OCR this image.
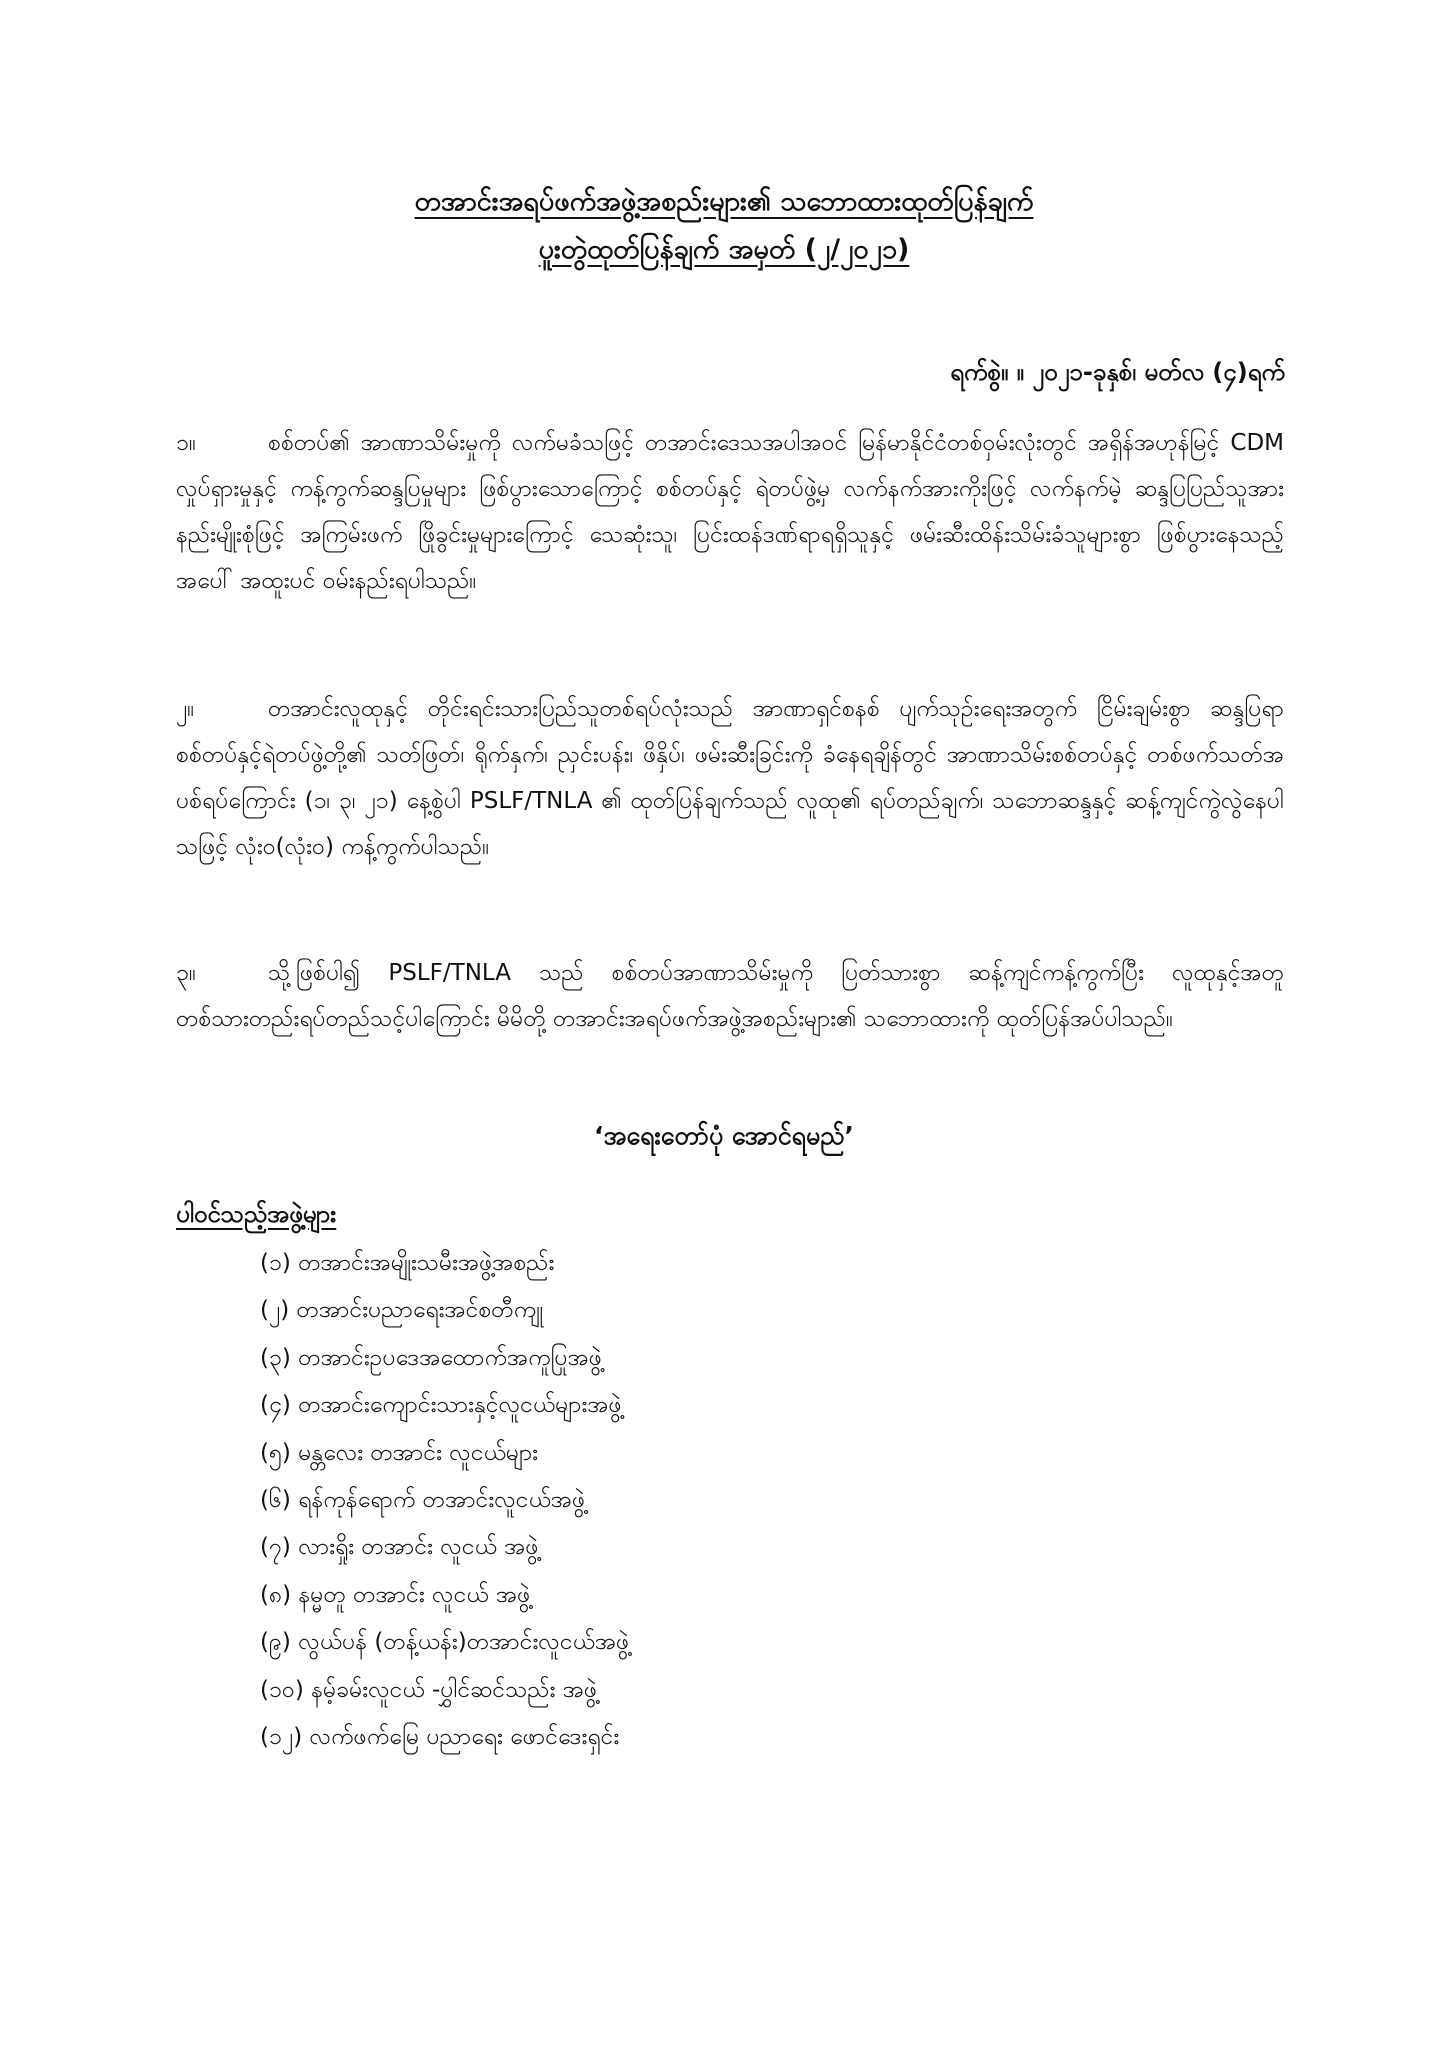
တအာင်းအရပ်ဖက်အဖွဲ့အစည်းများ၏ သဘောထားထုတ်ပြန်ချက်
ပူးတွဲထုတ်ပြန်ချက် အမှတ် (၂/၂၀၂၁)
ရက်စွဲ။ ။ ၂၀၂၁-ခုနှစ်၊ မတ်လ (၄)ရက်
၁။	စစ်တပ်၏ အာဏာသိမ်းမှုကို လက်မခံသဖြင့် တအာင်းဒေသအပါအဝင် မြန်မာနိုင်ငံတစ်ဝှမ်းလုံးတွင် အရှိန်အဟုန်မြင့် CDM လှုပ်ရှားမှုနှင့် ကန့်ကွက်ဆန္ဒပြမှုများ ဖြစ်ပွားသောကြောင့် စစ်တပ်နှင့် ရဲတပ်ဖွဲ့မှ လက်နက်အားကိုးဖြင့် လက်နက်မဲ့ ဆန္ဒပြပြည်သူအား နည်းမျိုးစုံဖြင့် အကြမ်းဖက် ဖြိုခွင်းမှုများကြောင့် သေဆုံးသူ၊ ပြင်းထန်ဒဏ်ရာရရှိသူနှင့် ဖမ်းဆီးထိန်းသိမ်းခံသူများစွာ ဖြစ်ပွားနေသည့်အပေါ် အထူးပင် ဝမ်းနည်းရပါသည်။
၂။	တအာင်းလူထုနှင့် တိုင်းရင်းသားပြည်သူတစ်ရပ်လုံးသည် အာဏာရှင်စနစ် ပျက်သုဉ်းရေးအတွက် ငြိမ်းချမ်းစွာ ဆန္ဒပြရာ စစ်တပ်နှင့်ရဲတပ်ဖွဲ့တို့၏ သတ်ဖြတ်၊ ရိုက်နှက်၊ ညှင်းပန်း၊ ဖိနှိပ်၊ ဖမ်းဆီးခြင်းကို ခံနေရချိန်တွင် အာဏာသိမ်းစစ်တပ်နှင့် တစ်ဖက်သတ်အပစ်ရပ်ကြောင်း (၁၊ ၃၊ ၂၁) နေ့စွဲပါ PSLF/TNLA ၏ ထုတ်ပြန်ချက်သည် လူထု၏ ရပ်တည်ချက်၊ သဘောဆန္ဒနှင့် ဆန့်ကျင်ကွဲလွဲနေပါသဖြင့် လုံး၀(လုံး၀) ကန့်ကွက်ပါသည်။
၃။	သို့ဖြစ်ပါ၍ PSLF/TNLA သည် စစ်တပ်အာဏာသိမ်းမှုကို ပြတ်သားစွာ ဆန့်ကျင်ကန့်ကွက်ပြီး လူထုနှင့်အတူ တစ်သားတည်းရပ်တည်သင့်ပါကြောင်း မိမိတို့ တအာင်းအရပ်ဖက်အဖွဲ့အစည်းများ၏ သဘောထားကို ထုတ်ပြန်အပ်ပါသည်။
‘အရေးတော်ပုံ အောင်ရမည်’
ပါဝင်သည့်အဖွဲ့များ
(၁) တအာင်းအမျိုးသမီးအဖွဲ့အစည်း
(၂) တအာင်းပညာရေးအင်စတီကျု
(၃) တအာင်းဥပဒေအထောက်အကူပြုအဖွဲ့
(၄) တအာင်းကျောင်းသားနှင့်လူငယ်များအဖွဲ့
(၅) မန္တလေး တအာင်း လူငယ်များ
(၆) ရန်ကုန်ရောက် တအာင်းလူငယ်အဖွဲ့
(၇) လားရှိုး တအာင်း လူငယ် အဖွဲ့
(၈) နမ္မတူ တအာင်း လူငယ် အဖွဲ့
(၉) လွယ်ပန် (တန့်ယန်း)တအာင်းလူငယ်အဖွဲ့
(၁၀) နမ့်ခမ်းလူငယ် -ပွှါင်ဆင်သည်း အဖွဲ့
(၁၂) လက်ဖက်မြေ ပညာရေး ဖောင်ဒေးရှင်း
